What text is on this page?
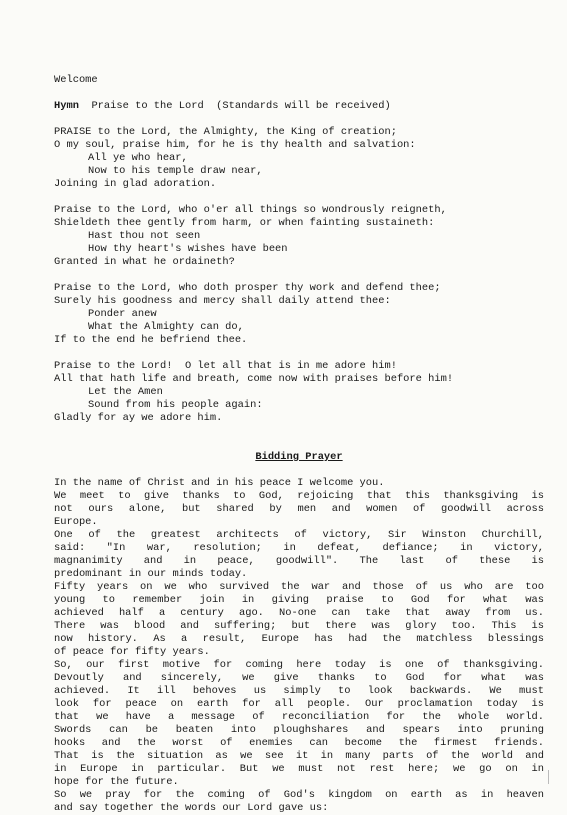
Welcome
Hymn Praise to the Lord  (Standards will be received)
PRAISE to the Lord, the Almighty, the King of creation;
O my soul, praise him, for he is thy health and salvation:
All ye who hear,
Now to his temple draw near,
Joining in glad adoration.
Praise to the Lord, who o'er all things so wondrously reigneth,
Shieldeth thee gently from harm, or when fainting sustaineth:
Hast thou not seen
How thy heart's wishes have been
Granted in what he ordaineth?
Praise to the Lord, who doth prosper thy work and defend thee;
Surely his goodness and mercy shall daily attend thee:
Ponder anew
What the Almighty can do,
If to the end he befriend thee.
Praise to the Lord!  O let all that is in me adore him!
All that hath life and breath, come now with praises before him!
Let the Amen
Sound from his people again:
Gladly for ay we adore him.
Bidding Prayer
In the name of Christ and in his peace I welcome you.
We meet to give thanks to God, rejoicing that this thanksgiving is
not ours alone, but shared by men and women of goodwill across
Europe.
One of the greatest architects of victory, Sir Winston Churchill,
said: "In war, resolution; in defeat, defiance; in victory,
magnanimity and in peace, goodwill". The last of these is
predominant in our minds today.
Fifty years on we who survived the war and those of us who are too
young to remember join in giving praise to God for what was
achieved half a century ago. No-one can take that away from us.
There was blood and suffering; but there was glory too. This is
now history. As a result, Europe has had the matchless blessings
of peace for fifty years.
So, our first motive for coming here today is one of thanksgiving.
Devoutly and sincerely, we give thanks to God for what was
achieved. It ill behoves us simply to look backwards. We must
look for peace on earth for all people. Our proclamation today is
that we have a message of reconciliation for the whole world.
Swords can be beaten into ploughshares and spears into pruning
hooks and the worst of enemies can become the firmest friends.
That is the situation as we see it in many parts of the world and
in Europe in particular. But we must not rest here; we go on in
hope for the future.
So we pray for the coming of God's kingdom on earth as in heaven
and say together the words our Lord gave us:
